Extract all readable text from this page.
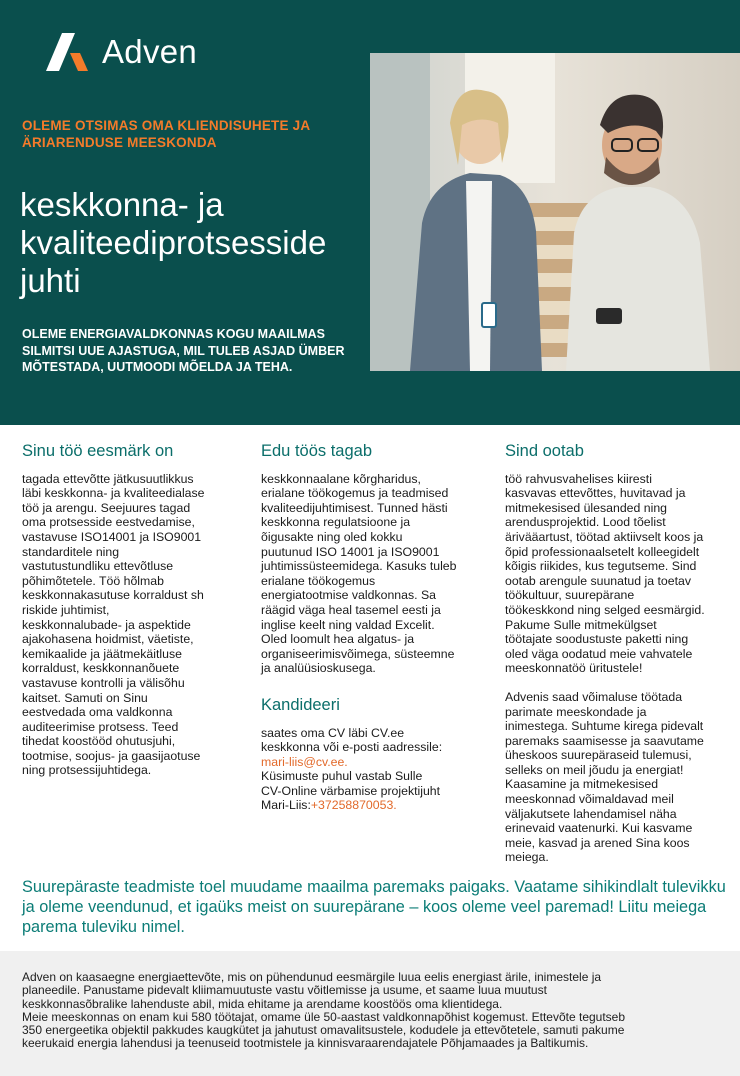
Adven
OLEME OTSIMAS OMA KLIENDISUHETE JA ÄRIARENDUSE MEESKONDA
keskkonna- ja
kvaliteediprotsesside
juhti
OLEME ENERGIAVALDKONNAS KOGU MAAILMAS SILMITSI UUE AJASTUGA, MIL TULEB ASJAD ÜMBER MÕTESTADA, UUTMOODI MÕELDA JA TEHA.
Sinu töö eesmärk on

tagada ettevõtte jätkusuutlikkus
läbi keskkonna- ja kvaliteedialase
töö ja arengu. Seejuures tagad
oma protsesside eestvedamise,
vastavuse ISO14001 ja ISO9001
standarditele ning
vastutustundliku ettevõtluse
põhimõtetele. Töö hõlmab
keskkonnakasutuse korraldust sh
riskide juhtimist,
keskkonnalubade- ja aspektide
ajakohasena hoidmist, väetiste,
kemikaalide ja jäätmekäitluse
korraldust, keskkonnanõuete
vastavuse kontrolli ja välisõhu
kaitset. Samuti on Sinu
eestvedada oma valdkonna
auditeerimise protsess. Teed
tihedat koostööd ohutusjuhi,
tootmise, soojus- ja gaasijaotuse
ning protsessijuhtidega.

Edu töös tagab

keskkonnaalane kõrgharidus,
erialane töökogemus ja teadmised
kvaliteedijuhtimisest. Tunned hästi
keskkonna regulatsioone ja
õigusakte ning oled kokku
puutunud ISO 14001 ja ISO9001
juhtimissüsteemidega. Kasuks tuleb
erialane töökogemus
energiatootmise valdkonnas. Sa
räägid väga heal tasemel eesti ja
inglise keelt ning valdad Excelit.
Oled loomult hea algatus- ja
organiseerimisvõimega, süsteemne
ja analüüsioskusega.

Kandideeri

saates oma CV läbi CV.ee
keskkonna või e-posti aadressile:
mari-liis@cv.ee.
Küsimuste puhul vastab Sulle
CV-Online värbamise projektijuht
Mari-Liis:+37258870053.

Sind ootab

töö rahvusvahelises kiiresti
kasvavas ettevõttes, huvitavad ja
mitmekesised ülesanded ning
arendusprojektid. Lood tõelist
ärivääartust, töötad aktiivselt koos ja
õpid professionaalsetelt kolleegidelt
kõigis riikides, kus tegutseme. Sind
ootab arengule suunatud ja toetav
töökultuur, suurepärane
töökeskkond ning selged eesmärgid.
Pakume Sulle mitmekülgset
töötajate soodustuste paketti ning
oled väga oodatud meie vahvatele
meeskonnatöö üritustele!

Advenis saad võimaluse töötada
parimate meeskondade ja
inimestega. Suhtume kirega pidevalt
paremaks saamisesse ja saavutame
üheskoos suurepäraseid tulemusi,
selleks on meil jõudu ja energiat!
Kaasamine ja mitmekesised
meeskonnad võimaldavad meil
väljakutsete lahendamisel näha
erinevaid vaatenurki. Kui kasvame
meie, kasvad ja arened Sina koos
meiega.

Suurepäraste teadmiste toel muudame maailma paremaks paigaks. Vaatame sihikindlalt tulevikku ja oleme veendunud, et igaüks meist on suurepärane – koos oleme veel paremad! Liitu meiega parema tuleviku nimel.

Adven on kaasaegne energiaettevõte, mis on pühendunud eesmärgile luua eelis energiast ärile, inimestele ja
planeedile. Panustame pidevalt kliimamuutuste vastu võitlemisse ja usume, et saame luua muutust
keskkonnasõbralike lahenduste abil, mida ehitame ja arendame koostöös oma klientidega.
Meie meeskonnas on enam kui 580 töötajat, omame üle 50-aastast valdkonnapõhist kogemust. Ettevõte tegutseb
350 energeetika objektil pakkudes kaugkütet ja jahutust omavalitsustele, kodudele ja ettevõtetele, samuti pakume
keerukaid energia lahendusi ja teenuseid tootmistele ja kinnisvaraarendajatele Põhjamaades ja Baltikumis.
